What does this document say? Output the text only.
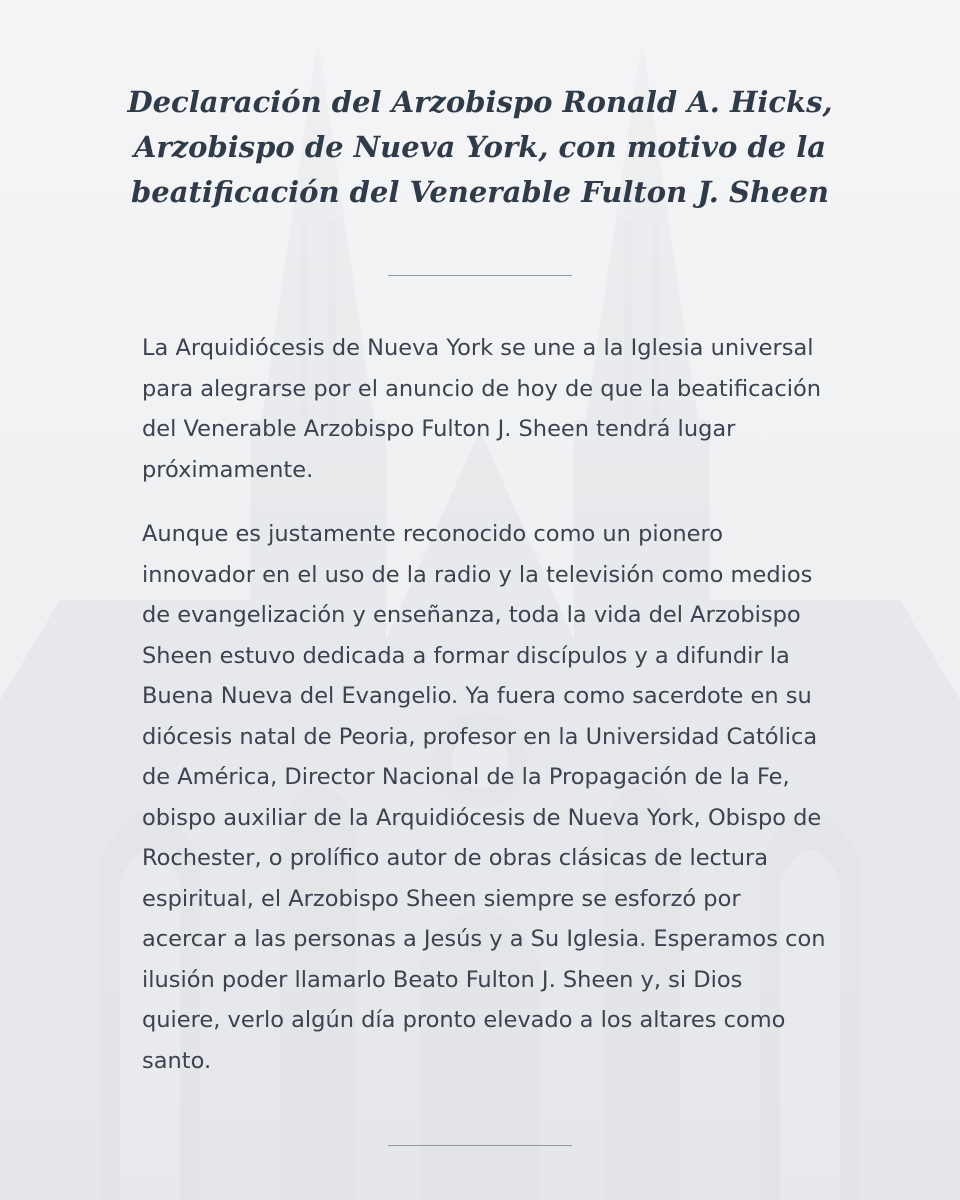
Declaración del Arzobispo Ronald A. Hicks, Arzobispo de Nueva York, con motivo de la beatificación del Venerable Fulton J. Sheen

La Arquidiócesis de Nueva York se une a la Iglesia universal para alegrarse por el anuncio de hoy de que la beatificación del Venerable Arzobispo Fulton J. Sheen tendrá lugar próximamente.

Aunque es justamente reconocido como un pionero innovador en el uso de la radio y la televisión como medios de evangelización y enseñanza, toda la vida del Arzobispo Sheen estuvo dedicada a formar discípulos y a difundir la Buena Nueva del Evangelio. Ya fuera como sacerdote en su diócesis natal de Peoria, profesor en la Universidad Católica de América, Director Nacional de la Propagación de la Fe, obispo auxiliar de la Arquidiócesis de Nueva York, Obispo de Rochester, o prolífico autor de obras clásicas de lectura espiritual, el Arzobispo Sheen siempre se esforzó por acercar a las personas a Jesús y a Su Iglesia. Esperamos con ilusión poder llamarlo Beato Fulton J. Sheen y, si Dios quiere, verlo algún día pronto elevado a los altares como santo.
